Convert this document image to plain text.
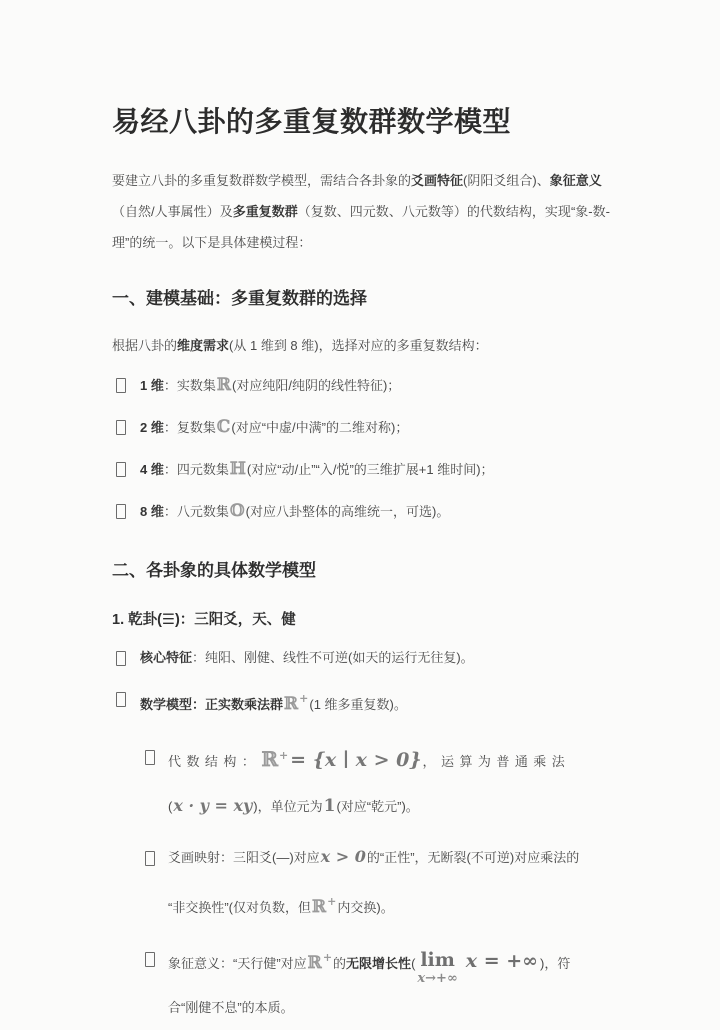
易经八卦的多重复数群数学模型

要建立八卦的多重复数群数学模型，需结合各卦象的爻画特征(阴阳爻组合)、象征意义
（自然/人事属性）及多重复数群（复数、四元数、八元数等）的代数结构，实现“象-数-理”的统一。以下是具体建模过程：

一、建模基础：多重复数群的选择

根据八卦的维度需求(从 1 维到 8 维)，选择对应的多重复数结构：

1 维：实数集ℝ(对应纯阳/纯阴的线性特征)；
2 维：复数集ℂ(对应“中虚/中满”的二维对称)；
4 维：四元数集ℍ(对应“动/止”“入/悦”的三维扩展+1 维时间)；
8 维：八元数集𝕆(对应八卦整体的高维统一，可选)。
二、各卦象的具体数学模型
1. 乾卦(☰)：三阳爻，天、健
核心特征：纯阳、刚健、线性不可逆(如天的运行无往复)。
数学模型：正实数乘法群ℝ+(1 维多重复数)。
代数结构：ℝ+ = {x ∣ x > 0}，运算为普通乘法
(x · y = xy)，单位元为1(对应“乾元”)。
爻画映射：三阳爻(—)对应x > 0的“正性”，无断裂(不可逆)对应乘法的
“非交换性”(仅对负数，但ℝ+内交换)。
象征意义：“天行健”对应ℝ+的无限增长性( lim
x→+∞
x = +∞ )，符
合“刚健不息”的本质。
